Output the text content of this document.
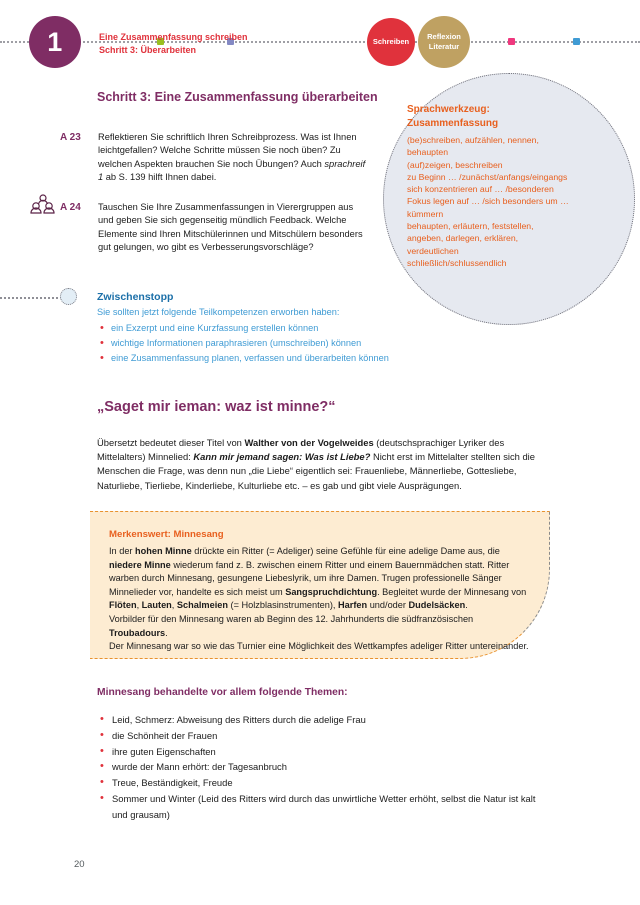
1	Eine Zusammenfassung schreiben
Schritt 3: Überarbeiten
Schreiben
Reflexion
Literatur
Schritt 3: Eine Zusammenfassung überarbeiten
A 23	Reflektieren Sie schriftlich Ihren Schreibprozess. Was ist Ihnen leichtgefallen? Welche Schritte müssen Sie noch üben? Zu welchen Aspekten brauchen Sie noch Übungen? Auch sprachreif 1 ab S. 139 hilft Ihnen dabei.
A 24	Tauschen Sie Ihre Zusammenfassungen in Vierergruppen aus und geben Sie sich gegenseitig mündlich Feedback. Welche Elemente sind Ihren Mitschülerinnen und Mitschülern besonders gut gelungen, wo gibt es Verbesserungsvorschläge?
Sprachwerkzeug:
Zusammenfassung
(be)schreiben, aufzählen, nennen,
behaupten
(auf)zeigen, beschreiben
zu Beginn … /zunächst/anfangs/eingangs
sich konzentrieren auf … /besonderen
Fokus legen auf … /sich besonders um …
kümmern
behaupten, erläutern, feststellen,
angeben, darlegen, erklären,
verdeutlichen
schließlich/schlussendlich
Zwischenstopp
Sie sollten jetzt folgende Teilkompetenzen erworben haben:
• ein Exzerpt und eine Kurzfassung erstellen können
• wichtige Informationen paraphrasieren (umschreiben) können
• eine Zusammenfassung planen, verfassen und überarbeiten können
„Saget mir ieman: waz ist minne?“
Übersetzt bedeutet dieser Titel von Walther von der Vogelweides (deutschsprachiger Lyriker des Mittelalters) Minnelied: Kann mir jemand sagen: Was ist Liebe? Nicht erst im Mittelalter stellten sich die Menschen die Frage, was denn nun „die Liebe“ eigentlich sei: Frauenliebe, Männerliebe, Gottesliebe, Naturliebe, Tierliebe, Kinderliebe, Kulturliebe etc. – es gab und gibt viele Ausprägungen.
Merkenswert: Minnesang
In der hohen Minne drückte ein Ritter (= Adeliger) seine Gefühle für eine adelige Dame aus, die niedere Minne wiederum fand z. B. zwischen einem Ritter und einem Bauernmädchen statt. Ritter warben durch Minnesang, gesungene Liebeslyrik, um ihre Damen. Trugen professionelle Sänger Minnelieder vor, handelte es sich meist um Sangspruchdichtung. Begleitet wurde der Minnesang von Flöten, Lauten, Schalmeien (= Holzblasinstrumenten), Harfen und/oder Dudelsäcken.
Vorbilder für den Minnesang waren ab Beginn des 12. Jahrhunderts die südfranzösischen Troubadours.
Der Minnesang war so wie das Turnier eine Möglichkeit des Wettkampfes adeliger Ritter untereinander.
Minnesang behandelte vor allem folgende Themen:
• Leid, Schmerz: Abweisung des Ritters durch die adelige Frau
• die Schönheit der Frauen
• ihre guten Eigenschaften
• wurde der Mann erhört: der Tagesanbruch
• Treue, Beständigkeit, Freude
• Sommer und Winter (Leid des Ritters wird durch das unwirtliche Wetter erhöht, selbst die Natur ist kalt und grausam)
20
